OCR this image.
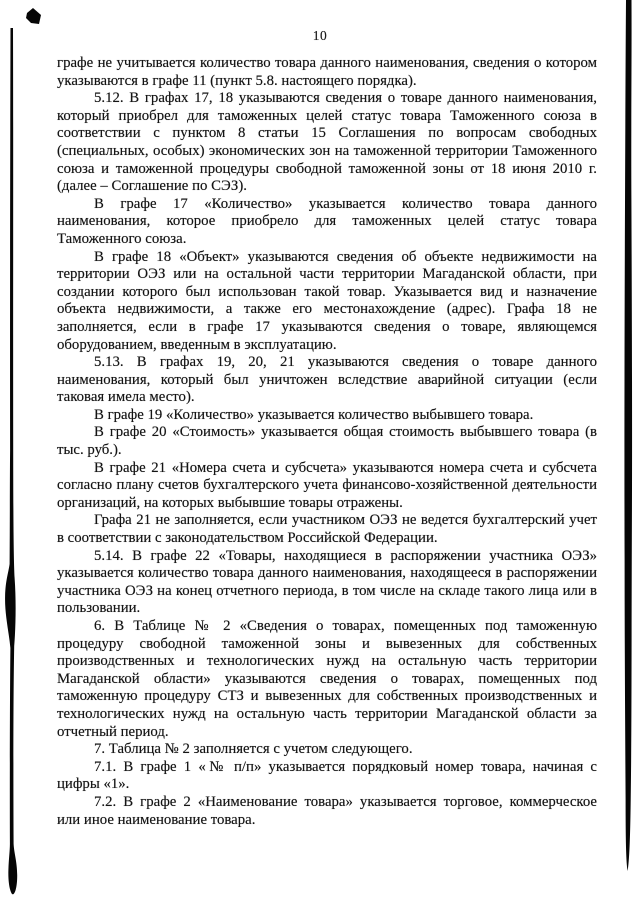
10

графе не учитывается количество товара данного наименования, сведения о котором указываются в графе 11 (пункт 5.8. настоящего порядка).

5.12. В графах 17, 18 указываются сведения о товаре данного наименования, который приобрел для таможенных целей статус товара Таможенного союза в соответствии с пунктом 8 статьи 15 Соглашения по вопросам свободных (специальных, особых) экономических зон на таможенной территории Таможенного союза и таможенной процедуры свободной таможенной зоны от 18 июня 2010 г. (далее – Соглашение по СЭЗ).

В графе 17 «Количество» указывается количество товара данного наименования, которое приобрело для таможенных целей статус товара Таможенного союза.

В графе 18 «Объект» указываются сведения об объекте недвижимости на территории ОЭЗ или на остальной части территории Магаданской области, при создании которого был использован такой товар. Указывается вид и назначение объекта недвижимости, а также его местонахождение (адрес). Графа 18 не заполняется, если в графе 17 указываются сведения о товаре, являющемся оборудованием, введенным в эксплуатацию.

5.13. В графах 19, 20, 21 указываются сведения о товаре данного наименования, который был уничтожен вследствие аварийной ситуации (если таковая имела место).

В графе 19 «Количество» указывается количество выбывшего товара.

В графе 20 «Стоимость» указывается общая стоимость выбывшего товара (в тыс. руб.).

В графе 21 «Номера счета и субсчета» указываются номера счета и субсчета согласно плану счетов бухгалтерского учета финансово-хозяйственной деятельности организаций, на которых выбывшие товары отражены.

Графа 21 не заполняется, если участником ОЭЗ не ведется бухгалтерский учет в соответствии с законодательством Российской Федерации.

5.14. В графе 22 «Товары, находящиеся в распоряжении участника ОЭЗ» указывается количество товара данного наименования, находящееся в распоряжении участника ОЭЗ на конец отчетного периода, в том числе на складе такого лица или в пользовании.

6. В Таблице № 2 «Сведения о товарах, помещенных под таможенную процедуру свободной таможенной зоны и вывезенных для собственных производственных и технологических нужд на остальную часть территории Магаданской области» указываются сведения о товарах, помещенных под таможенную процедуру СТЗ и вывезенных для собственных производственных и технологических нужд на остальную часть территории Магаданской области за отчетный период.

7. Таблица № 2 заполняется с учетом следующего.

7.1. В графе 1 «№ п/п» указывается порядковый номер товара, начиная с цифры «1».

7.2. В графе 2 «Наименование товара» указывается торговое, коммерческое или иное наименование товара.
